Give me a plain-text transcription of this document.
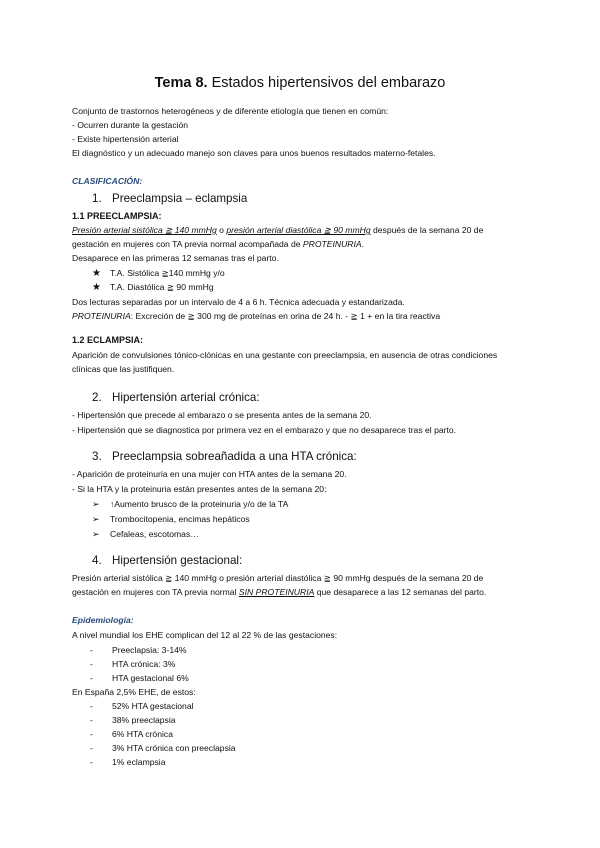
Tema 8. Estados hipertensivos del embarazo
Conjunto de trastornos heterogéneos y de diferente etiología que tienen en común:
- Ocurren durante la gestación
- Existe hipertensión arterial
El diagnóstico y un adecuado manejo son claves para unos buenos resultados materno-fetales.
CLASIFICACIÓN:
1. Preeclampsia – eclampsia
1.1 PREECLAMPSIA:
Presión arterial sistólica ≧ 140 mmHg o presión arterial diastólica ≧ 90 mmHg después de la semana 20 de
gestación en mujeres con TA previa normal acompañada de PROTEINURIA.
Desaparece en las primeras 12 semanas tras el parto.
★ T.A. Sistólica ≧140 mmHg y/o
★ T.A. Diastólica ≧ 90 mmHg
Dos lecturas separadas por un intervalo de 4 a 6 h. Técnica adecuada y estandarizada.
PROTEINURIA: Excreción de ≧ 300 mg de proteínas en orina de 24 h. - ≧ 1 + en la tira reactiva
1.2 ECLAMPSIA:
Aparición de convulsiones tónico-clónicas en una gestante con preeclampsia, en ausencia de otras condiciones
clínicas que las justifiquen.
2. Hipertensión arterial crónica:
- Hipertensión que precede al embarazo o se presenta antes de la semana 20.
- Hipertensión que se diagnostica por primera vez en el embarazo y que no desaparece tras el parto.
3. Preeclampsia sobreañadida a una HTA crónica:
- Aparición de proteinuria en una mujer con HTA antes de la semana 20.
- Si la HTA y la proteinuria están presentes antes de la semana 20:
➢ ↑Aumento brusco de la proteinuria y/o de la TA
➢ Trombocitopenia, encimas hepáticos
➢ Cefaleas, escotomas…
4. Hipertensión gestacional:
Presión arterial sistólica ≧ 140 mmHg o presión arterial diastólica ≧ 90 mmHg después de la semana 20 de
gestación en mujeres con TA previa normal SIN PROTEINURIA que desaparece a las 12 semanas del parto.
Epidemiología:
A nivel mundial los EHE complican del 12 al 22 % de las gestaciones:
- Preeclapsia: 3-14%
- HTA crónica: 3%
- HTA gestacional 6%
En España 2,5% EHE, de estos:
- 52% HTA gestacional
- 38% preeclapsia
- 6% HTA crónica
- 3% HTA crónica con preeclapsia
- 1% eclampsia
